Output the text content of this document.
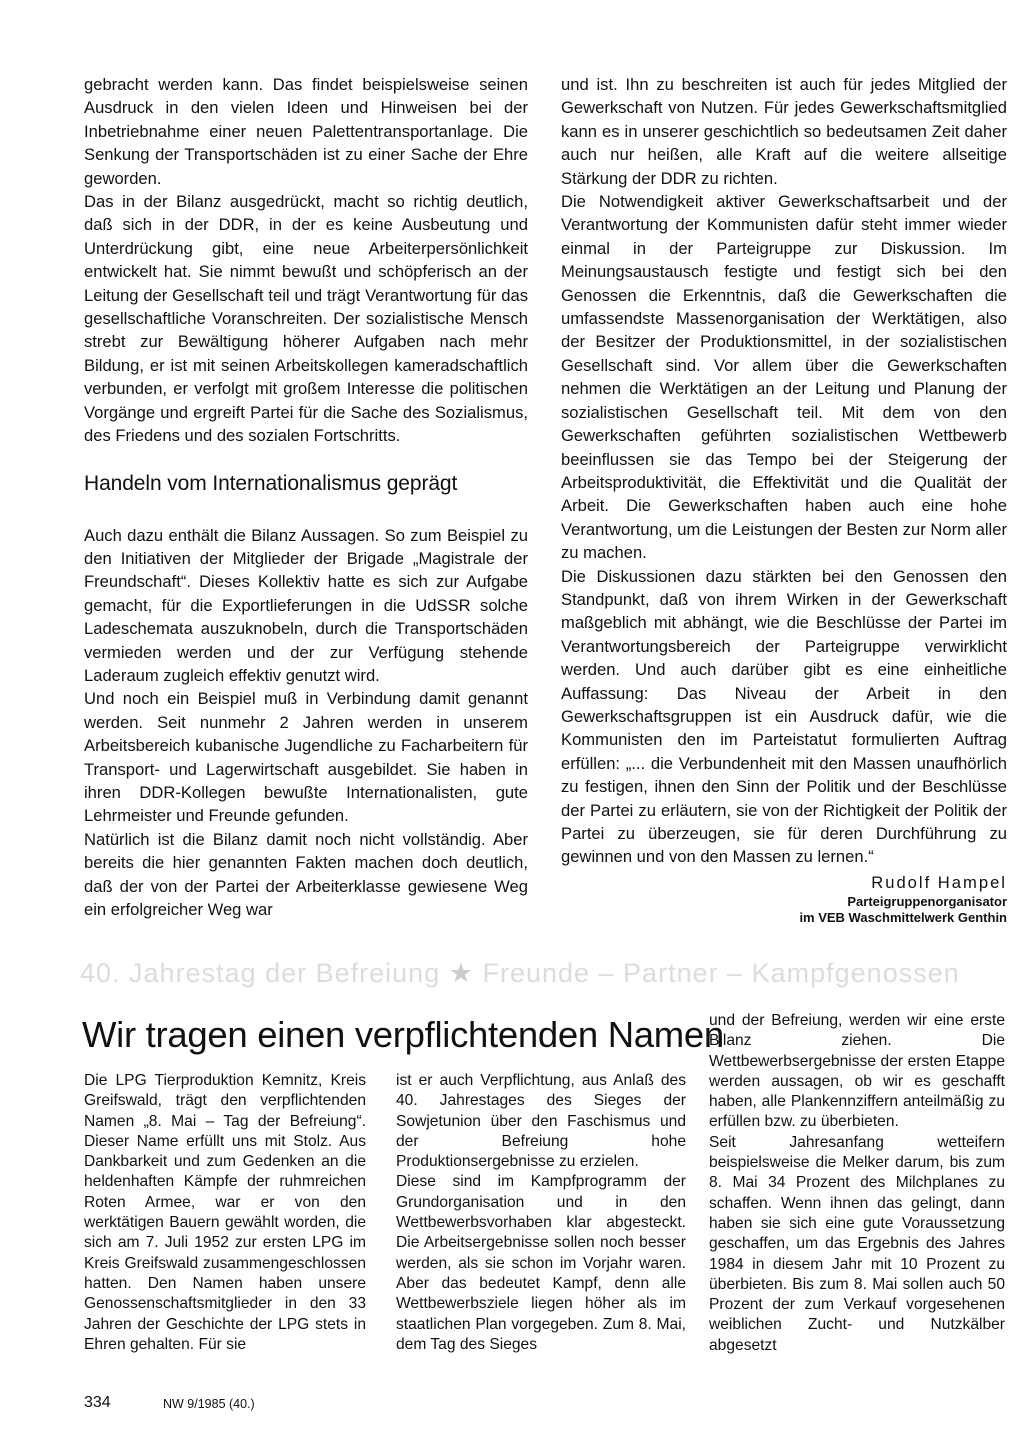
gebracht werden kann. Das findet beispielsweise seinen Ausdruck in den vielen Ideen und Hinweisen bei der Inbetriebnahme einer neuen Palettentransportanlage. Die Senkung der Transportschäden ist zu einer Sache der Ehre geworden.

Das in der Bilanz ausgedrückt, macht so richtig deutlich, daß sich in der DDR, in der es keine Ausbeutung und Unterdrückung gibt, eine neue Arbeiterpersönlichkeit entwickelt hat. Sie nimmt bewußt und schöpferisch an der Leitung der Gesellschaft teil und trägt Verantwortung für das gesellschaftliche Voranschreiten. Der sozialistische Mensch strebt zur Bewältigung höherer Aufgaben nach mehr Bildung, er ist mit seinen Arbeitskollegen kameradschaftlich verbunden, er verfolgt mit großem Interesse die politischen Vorgänge und ergreift Partei für die Sache des Sozialismus, des Friedens und des sozialen Fortschritts.

Handeln vom Internationalismus geprägt

Auch dazu enthält die Bilanz Aussagen. So zum Beispiel zu den Initiativen der Mitglieder der Brigade „Magistrale der Freundschaft“. Dieses Kollektiv hatte es sich zur Aufgabe gemacht, für die Exportlieferungen in die UdSSR solche Ladeschemata auszuknobeln, durch die Transportschäden vermieden werden und der zur Verfügung stehende Laderaum zugleich effektiv genutzt wird.

Und noch ein Beispiel muß in Verbindung damit genannt werden. Seit nunmehr 2 Jahren werden in unserem Arbeitsbereich kubanische Jugendliche zu Facharbeitern für Transport- und Lagerwirtschaft ausgebildet. Sie haben in ihren DDR-Kollegen bewußte Internationalisten, gute Lehrmeister und Freunde gefunden.

Natürlich ist die Bilanz damit noch nicht vollständig. Aber bereits die hier genannten Fakten machen doch deutlich, daß der von der Partei der Arbeiterklasse gewiesene Weg ein erfolgreicher Weg war

und ist. Ihn zu beschreiten ist auch für jedes Mitglied der Gewerkschaft von Nutzen. Für jedes Gewerkschaftsmitglied kann es in unserer geschichtlich so bedeutsamen Zeit daher auch nur heißen, alle Kraft auf die weitere allseitige Stärkung der DDR zu richten.

Die Notwendigkeit aktiver Gewerkschaftsarbeit und der Verantwortung der Kommunisten dafür steht immer wieder einmal in der Parteigruppe zur Diskussion. Im Meinungsaustausch festigte und festigt sich bei den Genossen die Erkenntnis, daß die Gewerkschaften die umfassendste Massenorganisation der Werktätigen, also der Besitzer der Produktionsmittel, in der sozialistischen Gesellschaft sind. Vor allem über die Gewerkschaften nehmen die Werktätigen an der Leitung und Planung der sozialistischen Gesellschaft teil. Mit dem von den Gewerkschaften geführten sozialistischen Wettbewerb beeinflussen sie das Tempo bei der Steigerung der Arbeitsproduktivität, die Effektivität und die Qualität der Arbeit. Die Gewerkschaften haben auch eine hohe Verantwortung, um die Leistungen der Besten zur Norm aller zu machen.

Die Diskussionen dazu stärkten bei den Genossen den Standpunkt, daß von ihrem Wirken in der Gewerkschaft maßgeblich mit abhängt, wie die Beschlüsse der Partei im Verantwortungsbereich der Parteigruppe verwirklicht werden. Und auch darüber gibt es eine einheitliche Auffassung: Das Niveau der Arbeit in den Gewerkschaftsgruppen ist ein Ausdruck dafür, wie die Kommunisten den im Parteistatut formulierten Auftrag erfüllen: „... die Verbundenheit mit den Massen unaufhörlich zu festigen, ihnen den Sinn der Politik und der Beschlüsse der Partei zu erläutern, sie von der Richtigkeit der Politik der Partei zu überzeugen, sie für deren Durchführung zu gewinnen und von den Massen zu lernen.“

Rudolf Hampel
Parteigruppenorganisator
im VEB Waschmittelwerk Genthin
40. Jahrestag der Befreiung ★ Freunde – Partner – Kampfgenossen
Wir tragen einen verpflichtenden Namen

Die LPG Tierproduktion Kemnitz, Kreis Greifswald, trägt den verpflichtenden Namen „8. Mai – Tag der Befreiung“. Dieser Name erfüllt uns mit Stolz. Aus Dankbarkeit und zum Gedenken an die heldenhaften Kämpfe der ruhmreichen Roten Armee, war er von den werktätigen Bauern gewählt worden, die sich am 7. Juli 1952 zur ersten LPG im Kreis Greifswald zusammengeschlossen hatten. Den Namen haben unsere Genossenschaftsmitglieder in den 33 Jahren der Geschichte der LPG stets in Ehren gehalten. Für sie

ist er auch Verpflichtung, aus Anlaß des 40. Jahrestages des Sieges der Sowjetunion über den Faschismus und der Befreiung hohe Produktionsergebnisse zu erzielen.

Diese sind im Kampfprogramm der Grundorganisation und in den Wettbewerbsvorhaben klar abgesteckt. Die Arbeitsergebnisse sollen noch besser werden, als sie schon im Vorjahr waren. Aber das bedeutet Kampf, denn alle Wettbewerbsziele liegen höher als im staatlichen Plan vorgegeben. Zum 8. Mai, dem Tag des Sieges

und der Befreiung, werden wir eine erste Bilanz ziehen. Die Wettbewerbsergebnisse der ersten Etappe werden aussagen, ob wir es geschafft haben, alle Plankennziffern anteilmäßig zu erfüllen bzw. zu überbieten.

Seit Jahresanfang wetteifern beispielsweise die Melker darum, bis zum 8. Mai 34 Prozent des Milchplanes zu schaffen. Wenn ihnen das gelingt, dann haben sie sich eine gute Voraussetzung geschaffen, um das Ergebnis des Jahres 1984 in diesem Jahr mit 10 Prozent zu überbieten. Bis zum 8. Mai sollen auch 50 Prozent der zum Verkauf vorgesehenen weiblichen Zucht- und Nutzkälber abgesetzt

334	NW 9/1985 (40.)
